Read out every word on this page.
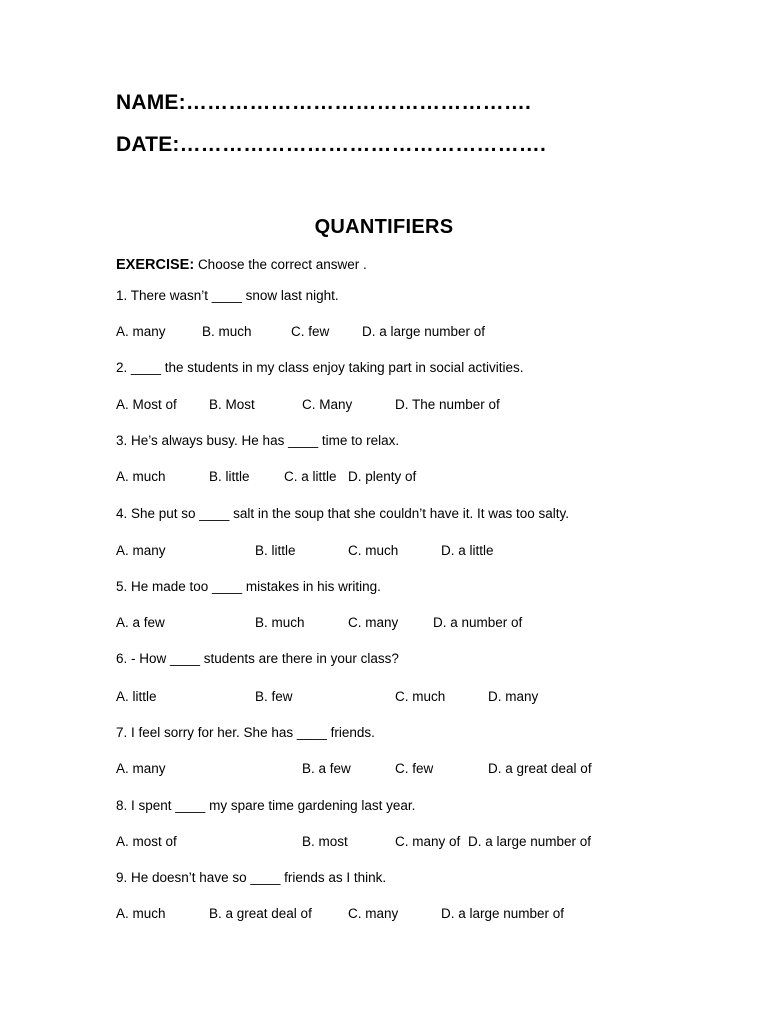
NAME:………………………………………….
DATE:…………………………………………….
QUANTIFIERS
EXERCISE: Choose the correct answer .
1. There wasn’t ____ snow last night.
A. many	B. much	C. few D. a large number of
2. ____ the students in my class enjoy taking part in social activities.
A. Most of B. Most	C. Many	D. The number of
3. He’s always busy. He has ____ time to relax.
A. much	B. little	C. a little D. plenty of
4. She put so ____ salt in the soup that she couldn’t have it. It was too salty.
A. many	B. little	C. much	D. a little
5. He made too ____ mistakes in his writing.
A. a few	B. much	C. many	D. a number of
6. - How ____ students are there in your class?
A. little	B. few	C. much	D. many
7. I feel sorry for her. She has ____ friends.
A. many	B. a few	C. few	D. a great deal of
8. I spent ____ my spare time gardening last year.
A. most of	B. most	C. many of D. a large number of
9. He doesn’t have so ____ friends as I think.
A. much	B. a great deal of	C. many	D. a large number of
